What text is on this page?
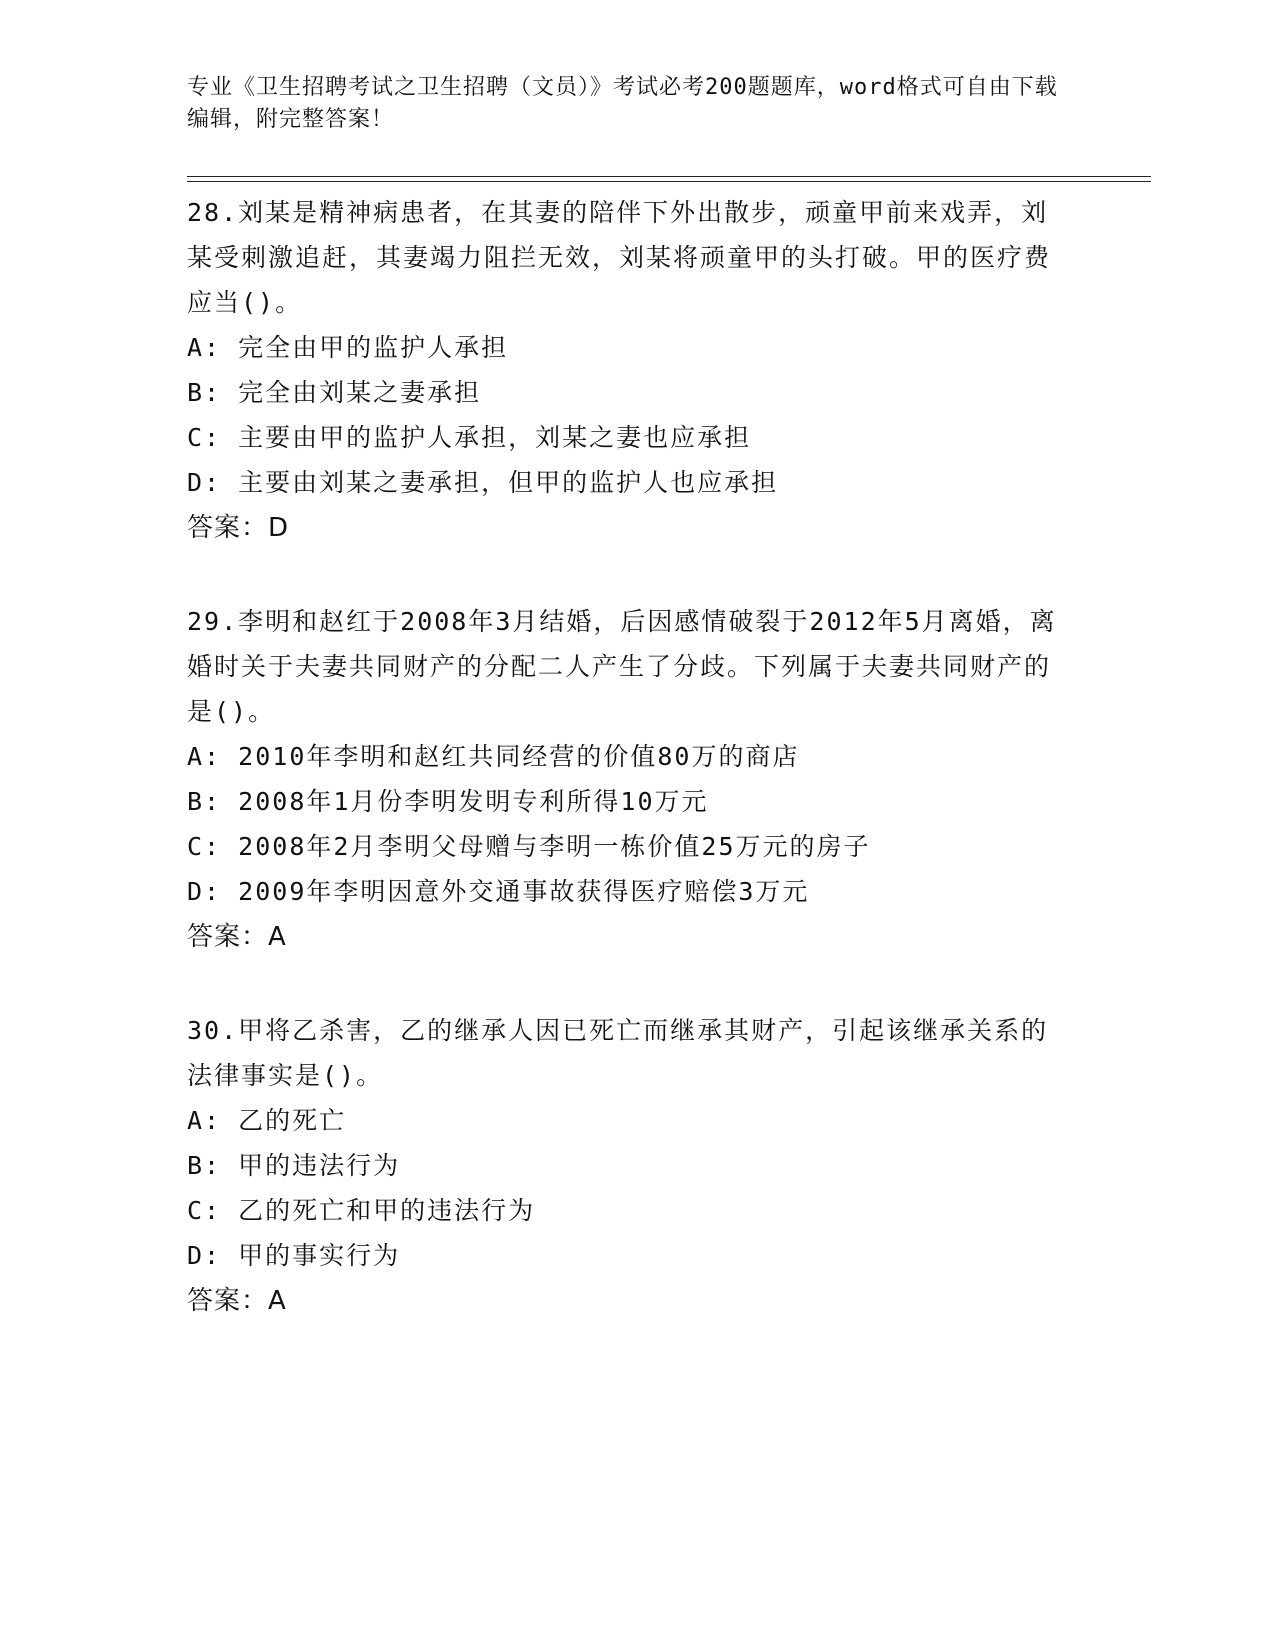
专业《卫生招聘考试之卫生招聘（文员）》考试必考200题题库，word格式可自由下载编辑，附完整答案！

28.刘某是精神病患者，在其妻的陪伴下外出散步，顽童甲前来戏弄，刘某受刺激追赶，其妻竭力阻拦无效，刘某将顽童甲的头打破。甲的医疗费应当()。

A: 完全由甲的监护人承担
B: 完全由刘某之妻承担
C: 主要由甲的监护人承担，刘某之妻也应承担
D: 主要由刘某之妻承担，但甲的监护人也应承担

答案：D

29.李明和赵红于2008年3月结婚，后因感情破裂于2012年5月离婚，离婚时关于夫妻共同财产的分配二人产生了分歧。下列属于夫妻共同财产的是()。

A: 2010年李明和赵红共同经营的价值80万的商店
B: 2008年1月份李明发明专利所得10万元
C: 2008年2月李明父母赠与李明一栋价值25万元的房子
D: 2009年李明因意外交通事故获得医疗赔偿3万元

答案：A

30.甲将乙杀害，乙的继承人因已死亡而继承其财产，引起该继承关系的法律事实是()。

A: 乙的死亡
B: 甲的违法行为
C: 乙的死亡和甲的违法行为
D: 甲的事实行为

答案：A
